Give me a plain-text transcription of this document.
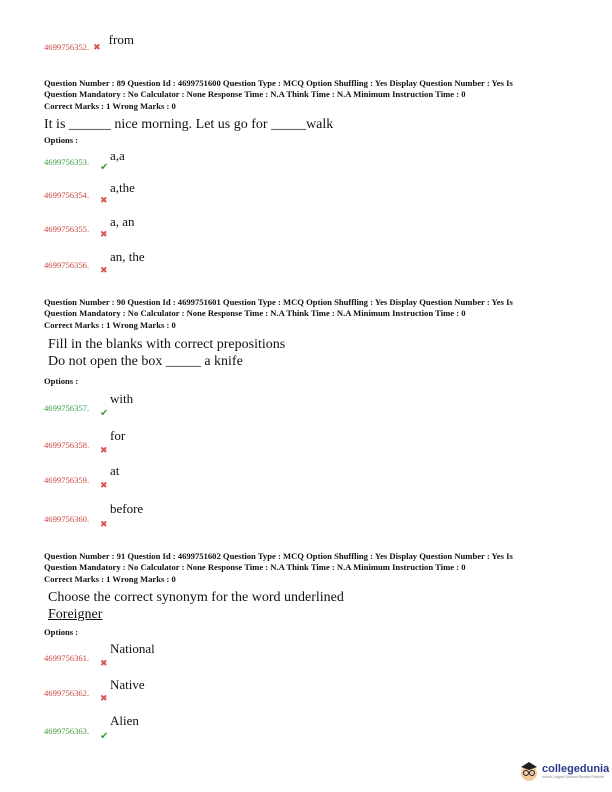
4699756352. ✖ $^{from}$
Question Number : 89 Question Id : 4699751600 Question Type : MCQ Option Shuffling : Yes Display Question Number : Yes Is
Question Mandatory : No Calculator : None Response Time : N.A Think Time : N.A Minimum Instruction Time : 0
Correct Marks : 1 Wrong Marks : 0
It is ______ nice morning. Let us go for _____walk
Options :
4699756353.	✔
a,a
4699756354.	✖
a,the
4699756355.	✖
a, an
4699756356.	✖
an, the
Question Number : 90 Question Id : 4699751601 Question Type : MCQ Option Shuffling : Yes Display Question Number : Yes Is
Question Mandatory : No Calculator : None Response Time : N.A Think Time : N.A Minimum Instruction Time : 0
Correct Marks : 1 Wrong Marks : 0
Fill in the blanks with correct prepositions
Do not open the box _____ a knife
Options :
4699756357.	✔
with
4699756358.	✖
for
4699756359.	✖
at
4699756360.	✖
before
Question Number : 91 Question Id : 4699751602 Question Type : MCQ Option Shuffling : Yes Display Question Number : Yes Is
Question Mandatory : No Calculator : None Response Time : N.A Think Time : N.A Minimum Instruction Time : 0
Correct Marks : 1 Wrong Marks : 0
Choose the correct synonym for the word underlined
Foreigner
Options :
4699756361.	✖
National
4699756362.	✖
Native
4699756363.	✔
Alien
collegedunia
India's Largest Student Review Platform
